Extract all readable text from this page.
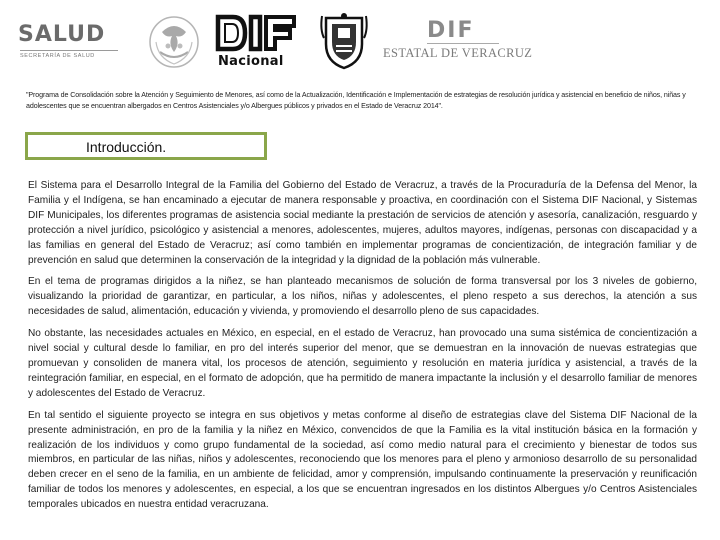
SALUD
SECRETARÍA DE SALUD	Nacional
DIF
ESTATAL DE VERACRUZ
"Programa de Consolidación sobre la Atención y Seguimiento de Menores, así como de la Actualización, Identificación e Implementación de estrategias de resolución jurídica y asistencial en beneficio de niños, niñas y adolescentes que se encuentran albergados en Centros Asistenciales y/o Albergues públicos y privados en el Estado de Veracruz 2014".
Introducción.

El Sistema para el Desarrollo Integral de la Familia del Gobierno del Estado de Veracruz, a través de la Procuraduría de la Defensa del Menor, la Familia y el Indígena, se han encaminado a ejecutar de manera responsable y proactiva, en coordinación con el Sistema DIF Nacional, y Sistemas DIF Municipales, los diferentes programas de asistencia social mediante la prestación de servicios de atención y asesoría, canalización, resguardo y protección a nivel jurídico, psicológico y asistencial a menores, adolescentes, mujeres, adultos mayores, indígenas, personas con discapacidad y a las familias en general del Estado de Veracruz; así como también en implementar programas de concientización, de integración familiar y de prevención en salud que determinen la conservación de la integridad y la dignidad de la población más vulnerable.

En el tema de programas dirigidos a la niñez, se han planteado mecanismos de solución de forma transversal por los 3 niveles de gobierno, visualizando la prioridad de garantizar, en particular, a los niños, niñas y adolescentes, el pleno respeto a sus derechos, la atención a sus necesidades de salud, alimentación, educación y vivienda, y promoviendo el desarrollo pleno de sus capacidades.

No obstante, las necesidades actuales en México, en especial, en el estado de Veracruz, han provocado una suma sistémica de concientización a nivel social y cultural desde lo familiar, en pro del interés superior del menor, que se demuestran en la innovación de nuevas estrategias que promuevan y consoliden de manera vital, los procesos de atención, seguimiento y resolución en materia jurídica y asistencial, a través de la reintegración familiar, en especial, en el formato de adopción, que ha permitido de manera impactante la inclusión y el desarrollo familiar de menores y adolescentes del Estado de Veracruz.

En tal sentido el siguiente proyecto se integra en sus objetivos y metas conforme al diseño de estrategias clave del Sistema DIF Nacional de la presente administración, en pro de la familia y la niñez en México, convencidos de que la Familia es la vital institución básica en la formación y realización de los individuos y como grupo fundamental de la sociedad, así como medio natural para el crecimiento y bienestar de todos sus miembros, en particular de las niñas, niños y adolescentes, reconociendo que los menores para el pleno y armonioso desarrollo de su personalidad deben crecer en el seno de la familia, en un ambiente de felicidad, amor y comprensión, impulsando continuamente la preservación y reunificación familiar de todos los menores y adolescentes, en especial, a los que se encuentran ingresados en los distintos Albergues y/o Centros Asistenciales temporales ubicados en nuestra entidad veracruzana.
